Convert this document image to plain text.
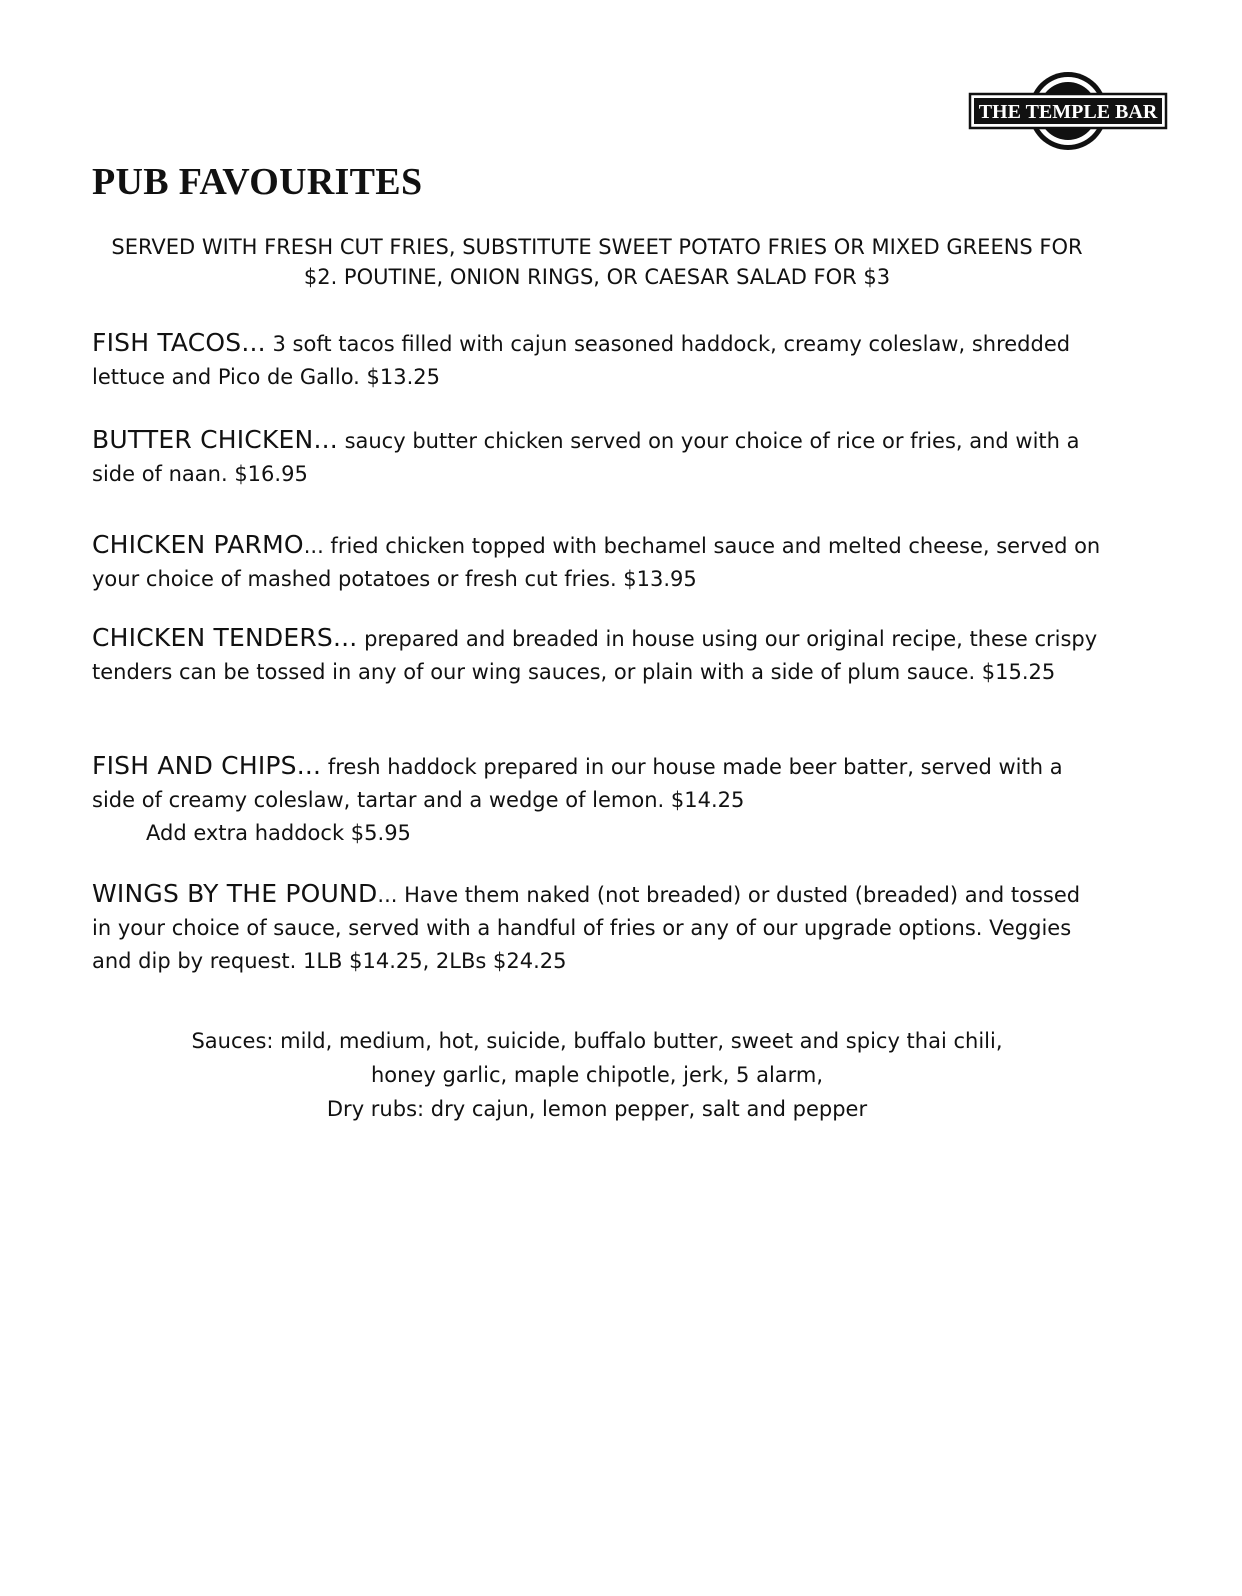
THE TEMPLE BAR
PUB FAVOURITES
SERVED WITH FRESH CUT FRIES, SUBSTITUTE SWEET POTATO FRIES OR MIXED GREENS FOR $2. POUTINE, ONION RINGS, OR CAESAR SALAD FOR $3
FISH TACOS... 3 soft tacos filled with cajun seasoned haddock, creamy coleslaw, shredded lettuce and Pico de Gallo. $13.25
BUTTER CHICKEN... saucy butter chicken served on your choice of rice or fries, and with a side of naan. $16.95
CHICKEN PARMO... fried chicken topped with bechamel sauce and melted cheese, served on your choice of mashed potatoes or fresh cut fries. $13.95
CHICKEN TENDERS... prepared and breaded in house using our original recipe, these crispy tenders can be tossed in any of our wing sauces, or plain with a side of plum sauce. $15.25
FISH AND CHIPS... fresh haddock prepared in our house made beer batter, served with a side of creamy coleslaw, tartar and a wedge of lemon. $14.25
Add extra haddock $5.95
WINGS BY THE POUND... Have them naked (not breaded) or dusted (breaded) and tossed in your choice of sauce, served with a handful of fries or any of our upgrade options. Veggies and dip by request. 1LB $14.25, 2LBs $24.25
Sauces: mild, medium, hot, suicide, buffalo butter, sweet and spicy thai chili,
honey garlic, maple chipotle, jerk, 5 alarm,
Dry rubs: dry cajun, lemon pepper, salt and pepper
